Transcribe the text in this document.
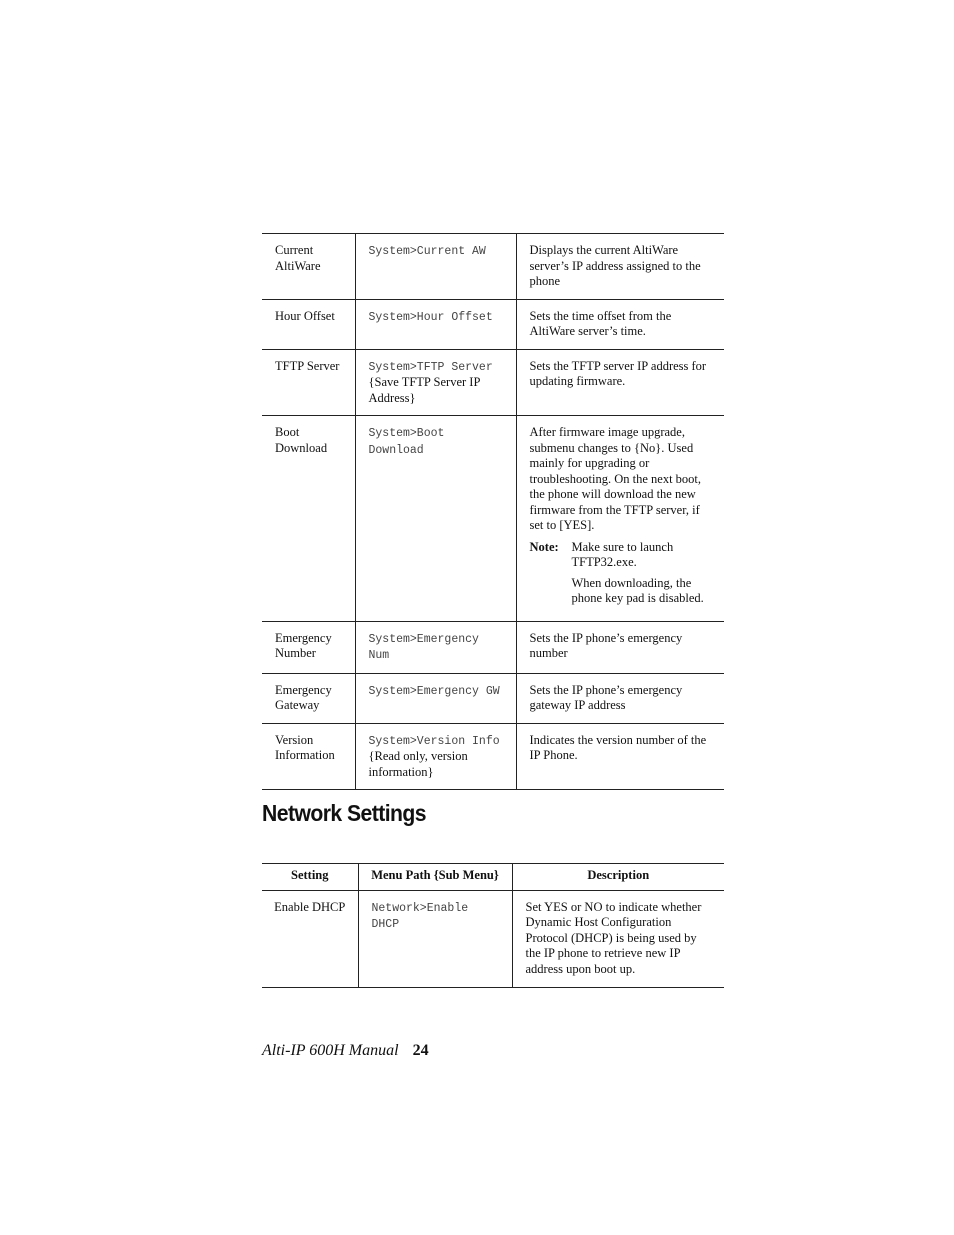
Current AltiWare	System>Current AW	Displays the current AltiWare server’s IP address assigned to the phone
Hour Offset	System>Hour Offset	Sets the time offset from the AltiWare server’s time.
TFTP Server	System>TFTP Server {Save TFTP Server IP Address}	Sets the TFTP server IP address for updating firmware.
Boot Download	System>Boot Download	After firmware image upgrade, submenu changes to {No}. Used mainly for upgrading or troubleshooting. On the next boot, the phone will download the new firmware from the TFTP server, if set to [YES].
Note: Make sure to launch TFTP32.exe.

When downloading, the phone key pad is disabled.

Emergency Number	System>Emergency Num	Sets the IP phone’s emergency number
Emergency Gateway	System>Emergency GW	Sets the IP phone’s emergency gateway IP address
Version Information	System>Version Info {Read only, version information}	Indicates the version number of the IP Phone.
Network Settings
Setting	Menu Path {Sub Menu}	Description
Enable DHCP	Network>Enable DHCP	Set YES or NO to indicate whether Dynamic Host Configuration Protocol (DHCP) is being used by the IP phone to retrieve new IP address upon boot up.
Alti-IP 600H Manual 24
